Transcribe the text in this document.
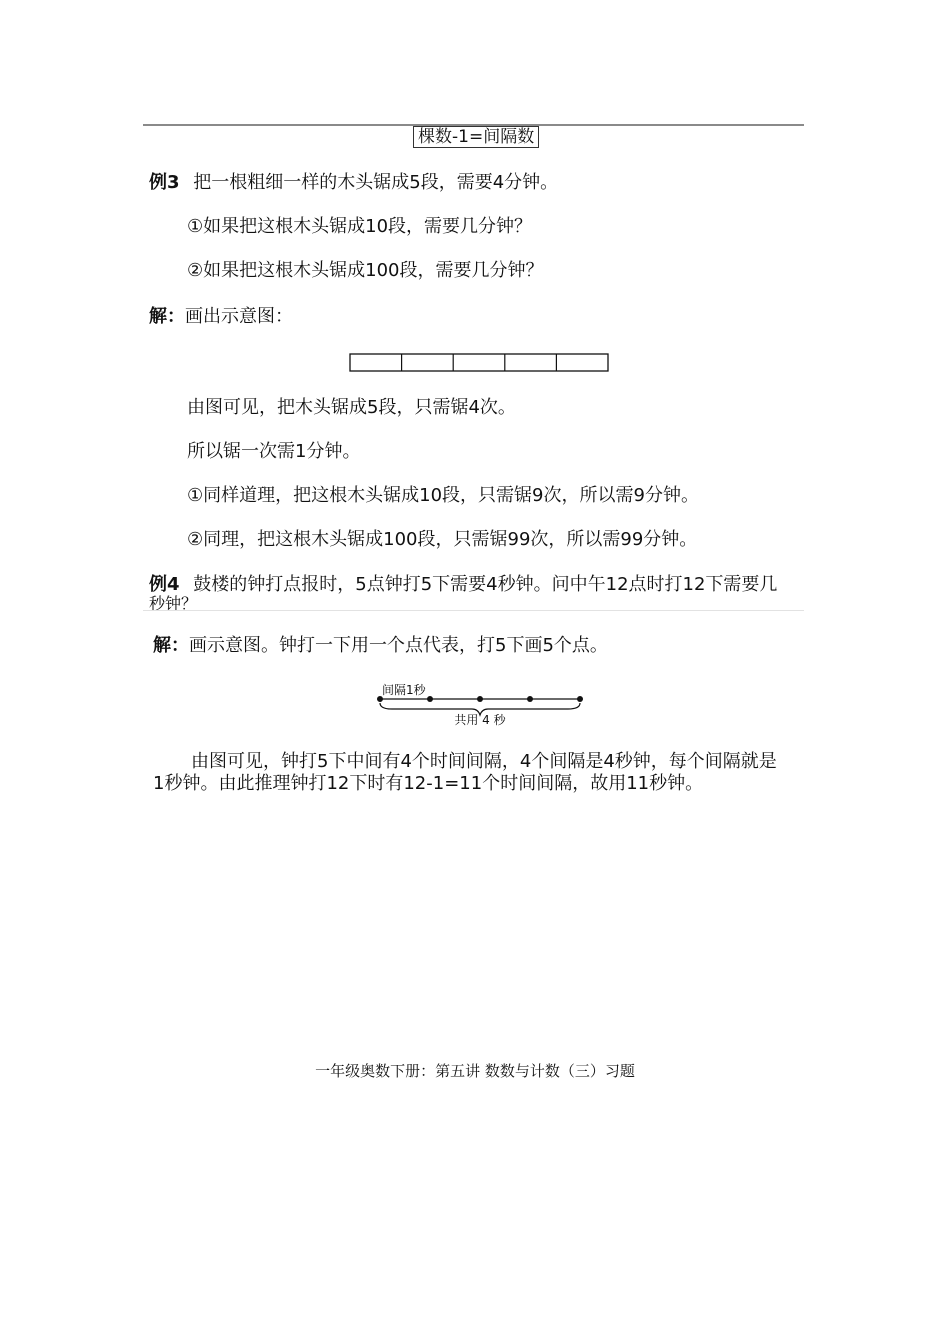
棵数-1=间隔数
例3 把一根粗细一样的木头锯成5段，需要4分钟。
①如果把这根木头锯成10段，需要几分钟？
②如果把这根木头锯成100段，需要几分钟？
解：画出示意图：
由图可见，把木头锯成5段，只需锯4次。
所以锯一次需1分钟。
①同样道理，把这根木头锯成10段，只需锯9次，所以需9分钟。
②同理，把这根木头锯成100段，只需锯99次，所以需99分钟。
例4 鼓楼的钟打点报时，5点钟打5下需要4秒钟。问中午12点时打12下需要几
秒钟？
解：画示意图。钟打一下用一个点代表，打5下画5个点。
间隔1秒
共用 4 秒
由图可见，钟打5下中间有4个时间间隔，4个间隔是4秒钟，每个间隔就是
1秒钟。由此推理钟打12下时有12-1=11个时间间隔，故用11秒钟。
一年级奥数下册：第五讲 数数与计数（三）习题
